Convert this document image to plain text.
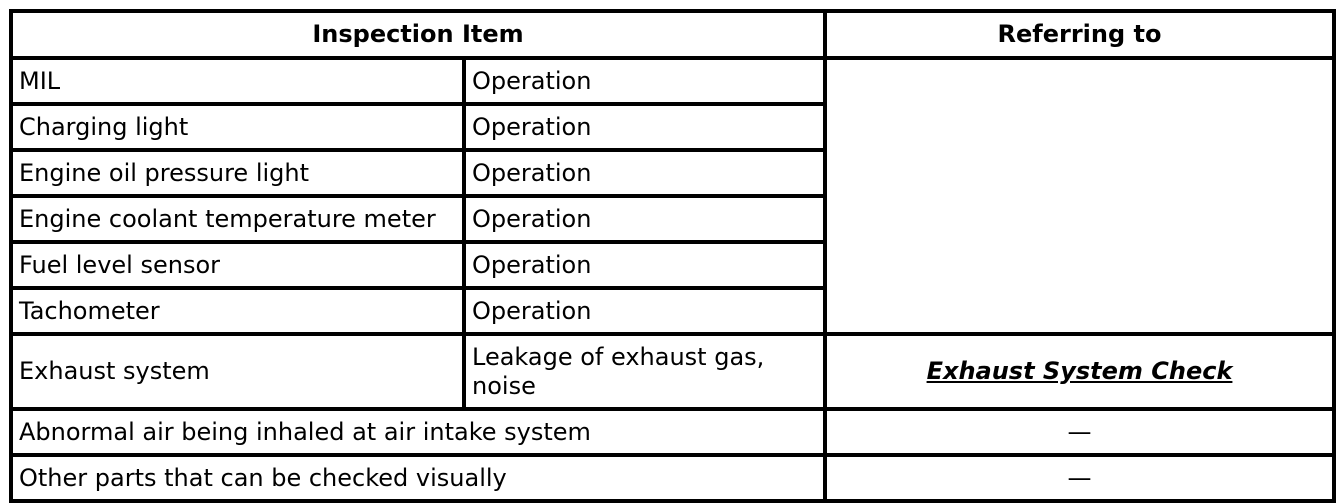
Inspection Item		Referring to
MIL	Operation	
Charging light	Operation	
Engine oil pressure light	Operation	
Engine coolant temperature meter	Operation	
Fuel level sensor	Operation	
Tachometer	Operation	
Exhaust system	Leakage of exhaust gas, noise	Exhaust System Check
Abnormal air being inhaled at air intake system		—
Other parts that can be checked visually		—
